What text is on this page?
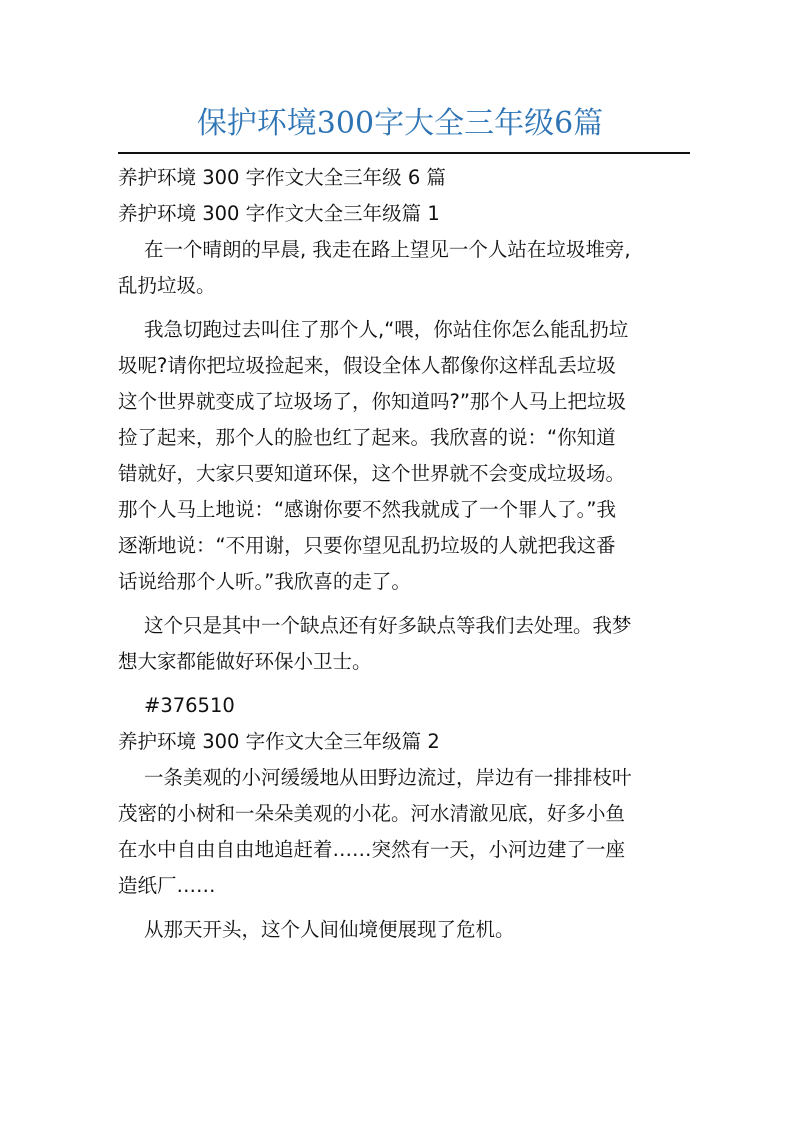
保护环境300字大全三年级6篇

养护环境 300 字作文大全三年级 6 篇

养护环境 300 字作文大全三年级篇 1

在一个晴朗的早晨, 我走在路上望见一个人站在垃圾堆旁,

乱扔垃圾。

我急切跑过去叫住了那个人,“喂，你站住你怎么能乱扔垃

圾呢?请你把垃圾捡起来，假设全体人都像你这样乱丢垃圾

这个世界就变成了垃圾场了，你知道吗?”那个人马上把垃圾

捡了起来，那个人的脸也红了起来。我欣喜的说：“你知道

错就好，大家只要知道环保，这个世界就不会变成垃圾场。

那个人马上地说：“感谢你要不然我就成了一个罪人了。”我

逐渐地说：“不用谢，只要你望见乱扔垃圾的人就把我这番

话说给那个人听。”我欣喜的走了。

这个只是其中一个缺点还有好多缺点等我们去处理。我梦

想大家都能做好环保小卫士。

#376510

养护环境 300 字作文大全三年级篇 2

一条美观的小河缓缓地从田野边流过，岸边有一排排枝叶

茂密的小树和一朵朵美观的小花。河水清澈见底，好多小鱼

在水中自由自由地追赶着……突然有一天，小河边建了一座

造纸厂……

从那天开头，这个人间仙境便展现了危机。
